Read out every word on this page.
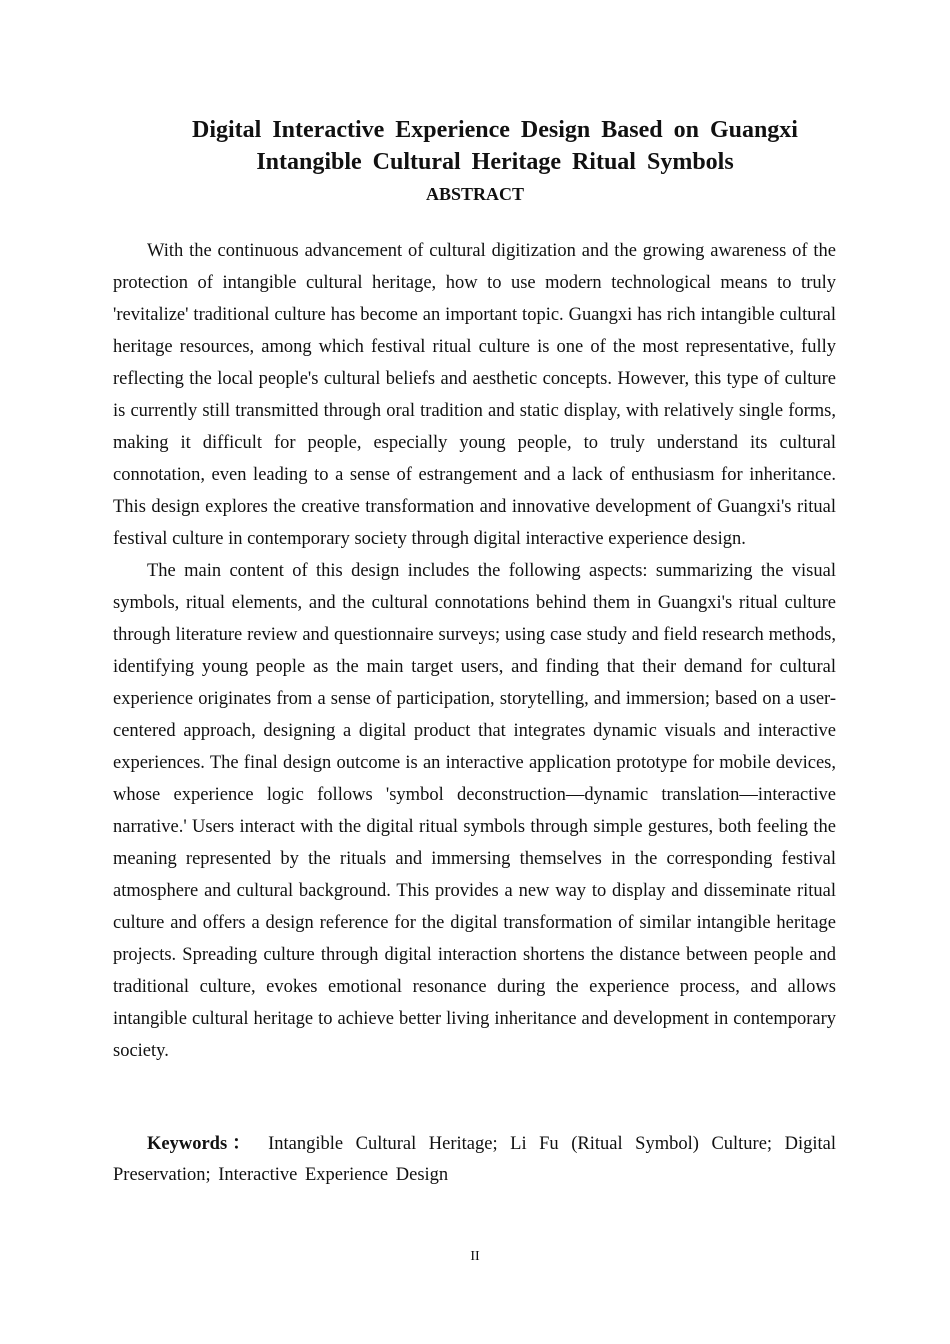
Digital Interactive Experience Design Based on Guangxi
Intangible Cultural Heritage Ritual Symbols
ABSTRACT

With the continuous advancement of cultural digitization and the growing awareness of the protection of intangible cultural heritage, how to use modern technological means to truly 'revitalize' traditional culture has become an important topic. Guangxi has rich intangible cultural heritage resources, among which festival ritual culture is one of the most representative, fully reflecting the local people's cultural beliefs and aesthetic concepts. However, this type of culture is currently still transmitted through oral tradition and static display, with relatively single forms, making it difficult for people, especially young people, to truly understand its cultural connotation, even leading to a sense of estrangement and a lack of enthusiasm for inheritance. This design explores the creative transformation and innovative development of Guangxi's ritual festival culture in contemporary society through digital interactive experience design.

The main content of this design includes the following aspects: summarizing the visual symbols, ritual elements, and the cultural connotations behind them in Guangxi's ritual culture through literature review and questionnaire surveys; using case study and field research methods, identifying young people as the main target users, and finding that their demand for cultural experience originates from a sense of participation, storytelling, and immersion; based on a user-centered approach, designing a digital product that integrates dynamic visuals and interactive experiences. The final design outcome is an interactive application prototype for mobile devices, whose experience logic follows 'symbol deconstruction—dynamic translation—interactive narrative.' Users interact with the digital ritual symbols through simple gestures, both feeling the meaning represented by the rituals and immersing themselves in the corresponding festival atmosphere and cultural background. This provides a new way to display and disseminate ritual culture and offers a design reference for the digital transformation of similar intangible heritage projects. Spreading culture through digital interaction shortens the distance between people and traditional culture, evokes emotional resonance during the experience process, and allows intangible cultural heritage to achieve better living inheritance and development in contemporary society.

Keywords： Intangible Cultural Heritage; Li Fu (Ritual Symbol) Culture; Digital Preservation; Interactive Experience Design

II
